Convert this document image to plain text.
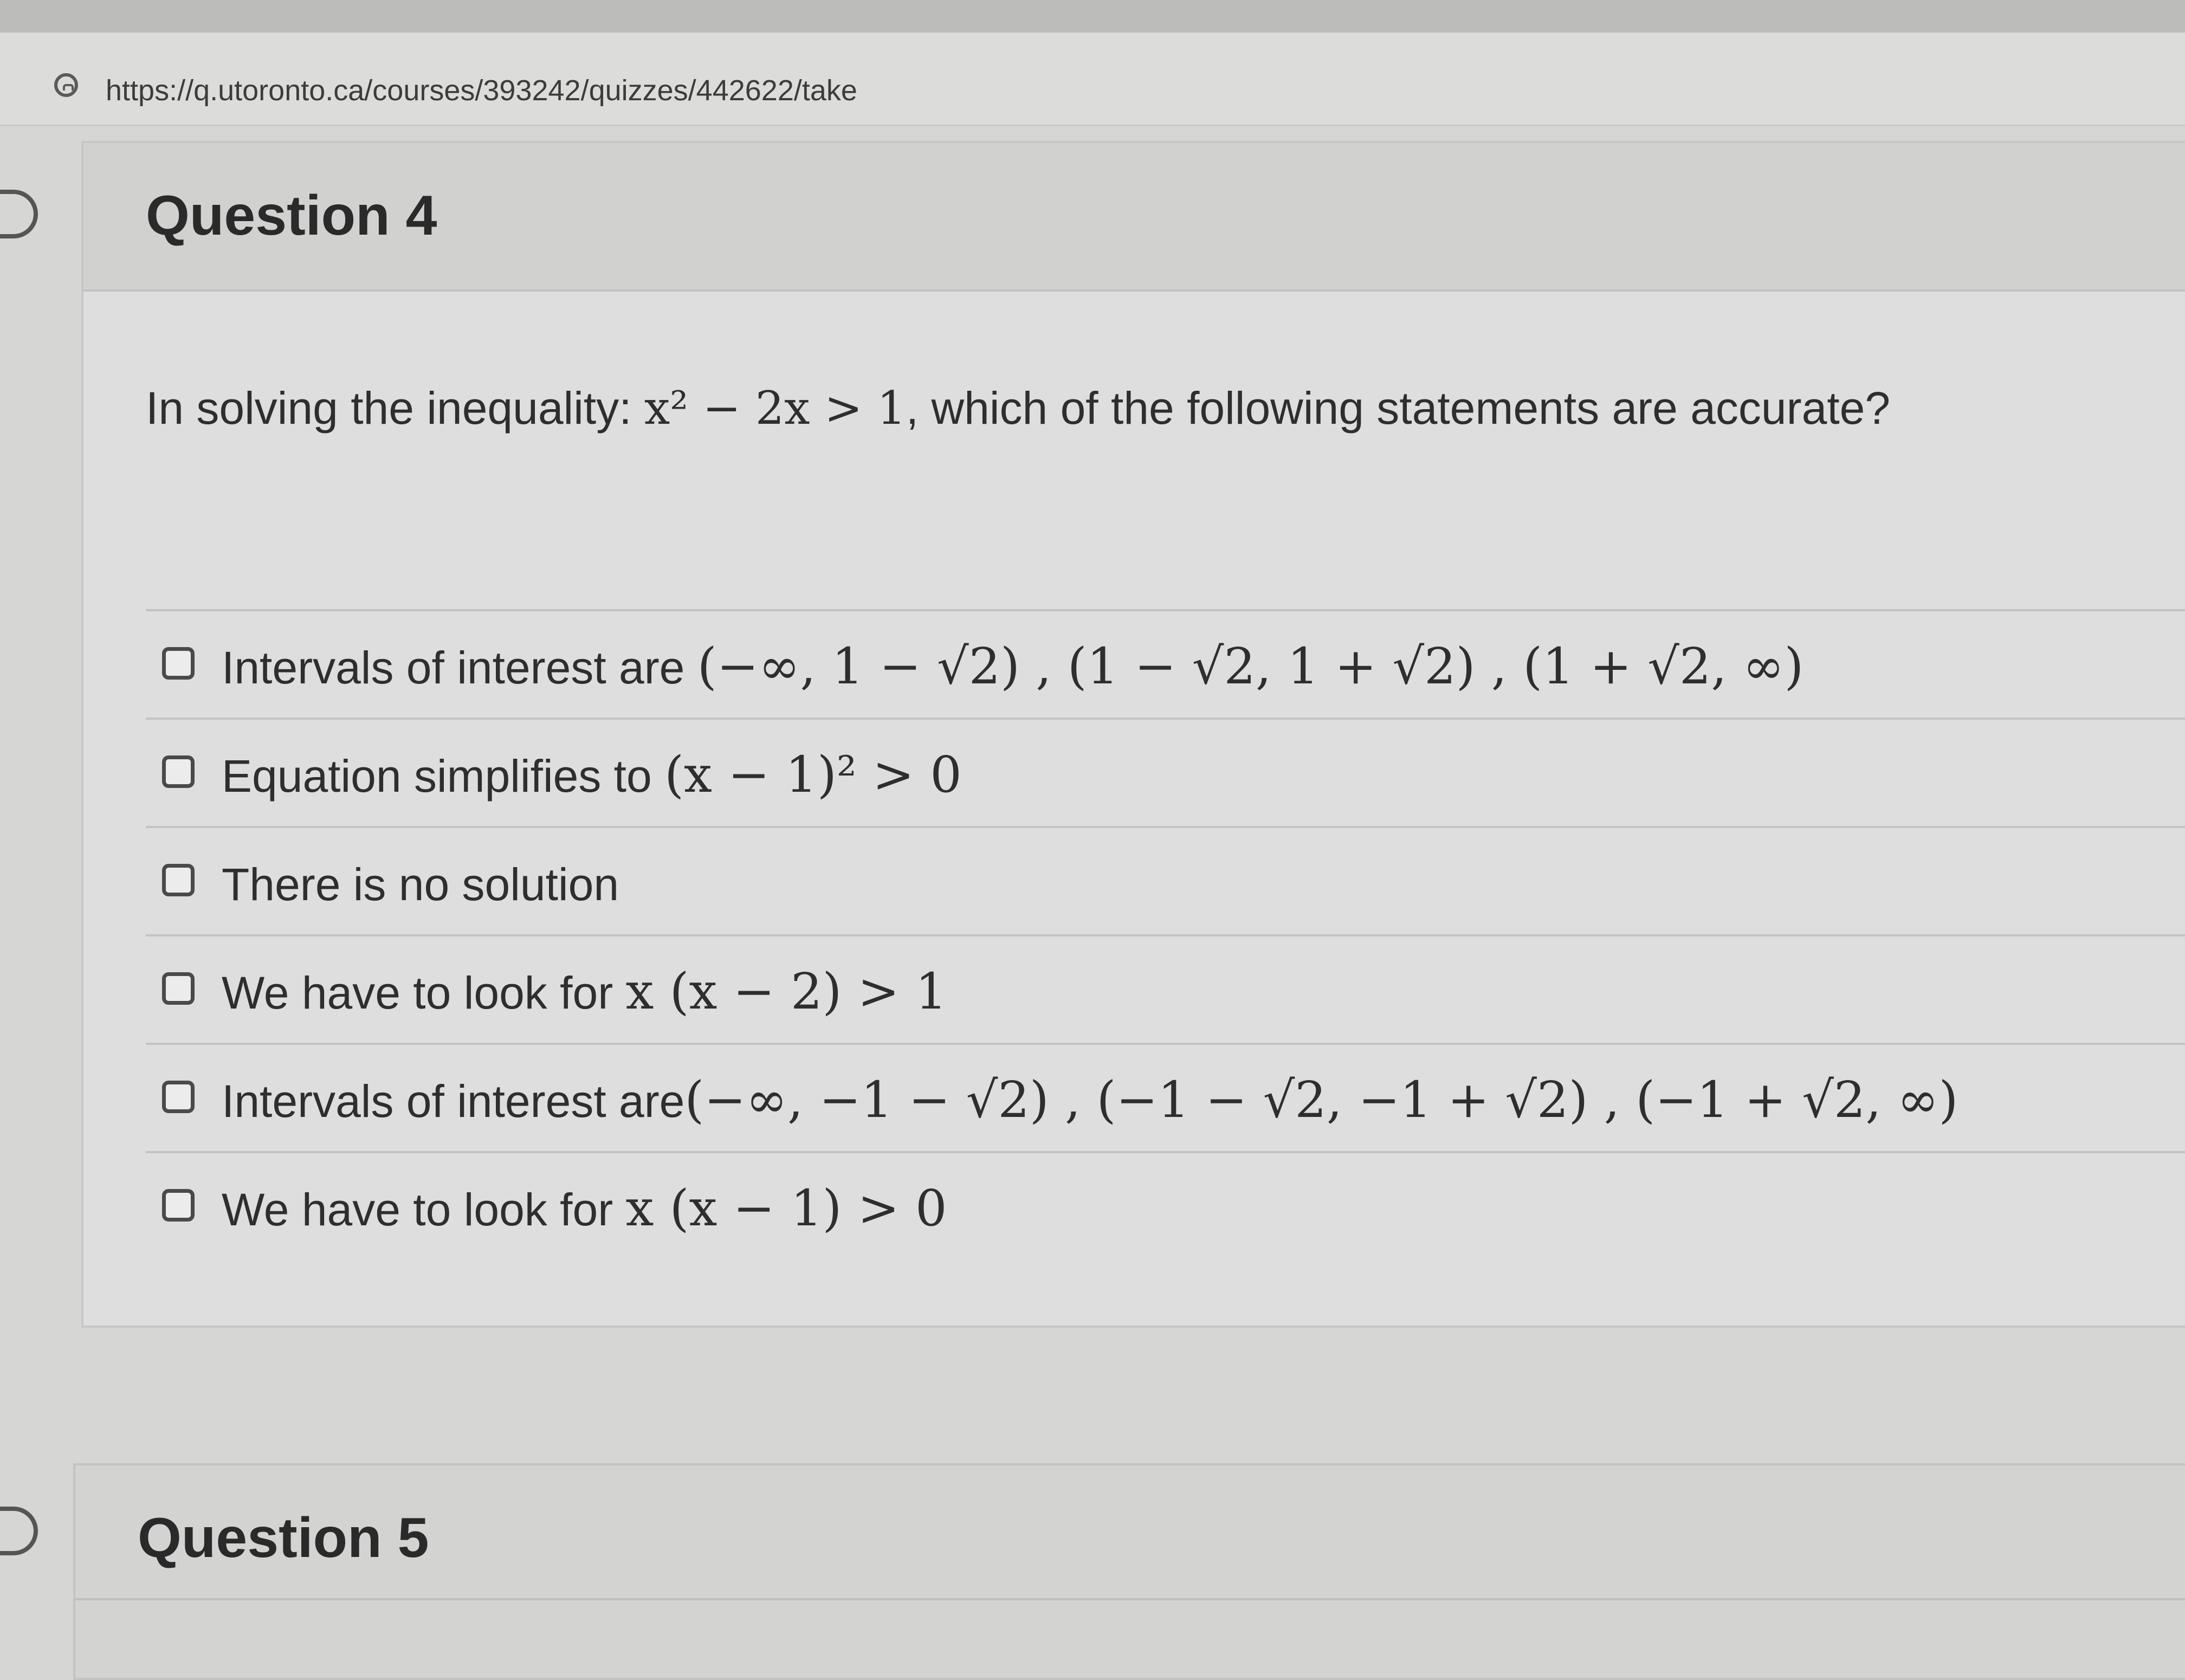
https://q.utoronto.ca/courses/393242/quizzes/442622/take
Question 4
In solving the inequality: x² − 2x > 1, which of the following statements are accurate?
Intervals of interest are (−∞, 1 − √2) , (1 − √2, 1 + √2) , (1 + √2, ∞)
Equation simplifies to (x − 1)² > 0
There is no solution
We have to look for x (x − 2) > 1
Intervals of interest are(−∞, −1 − √2) , (−1 − √2, −1 + √2) , (−1 + √2, ∞)
We have to look for x (x − 1) > 0
Question 5
